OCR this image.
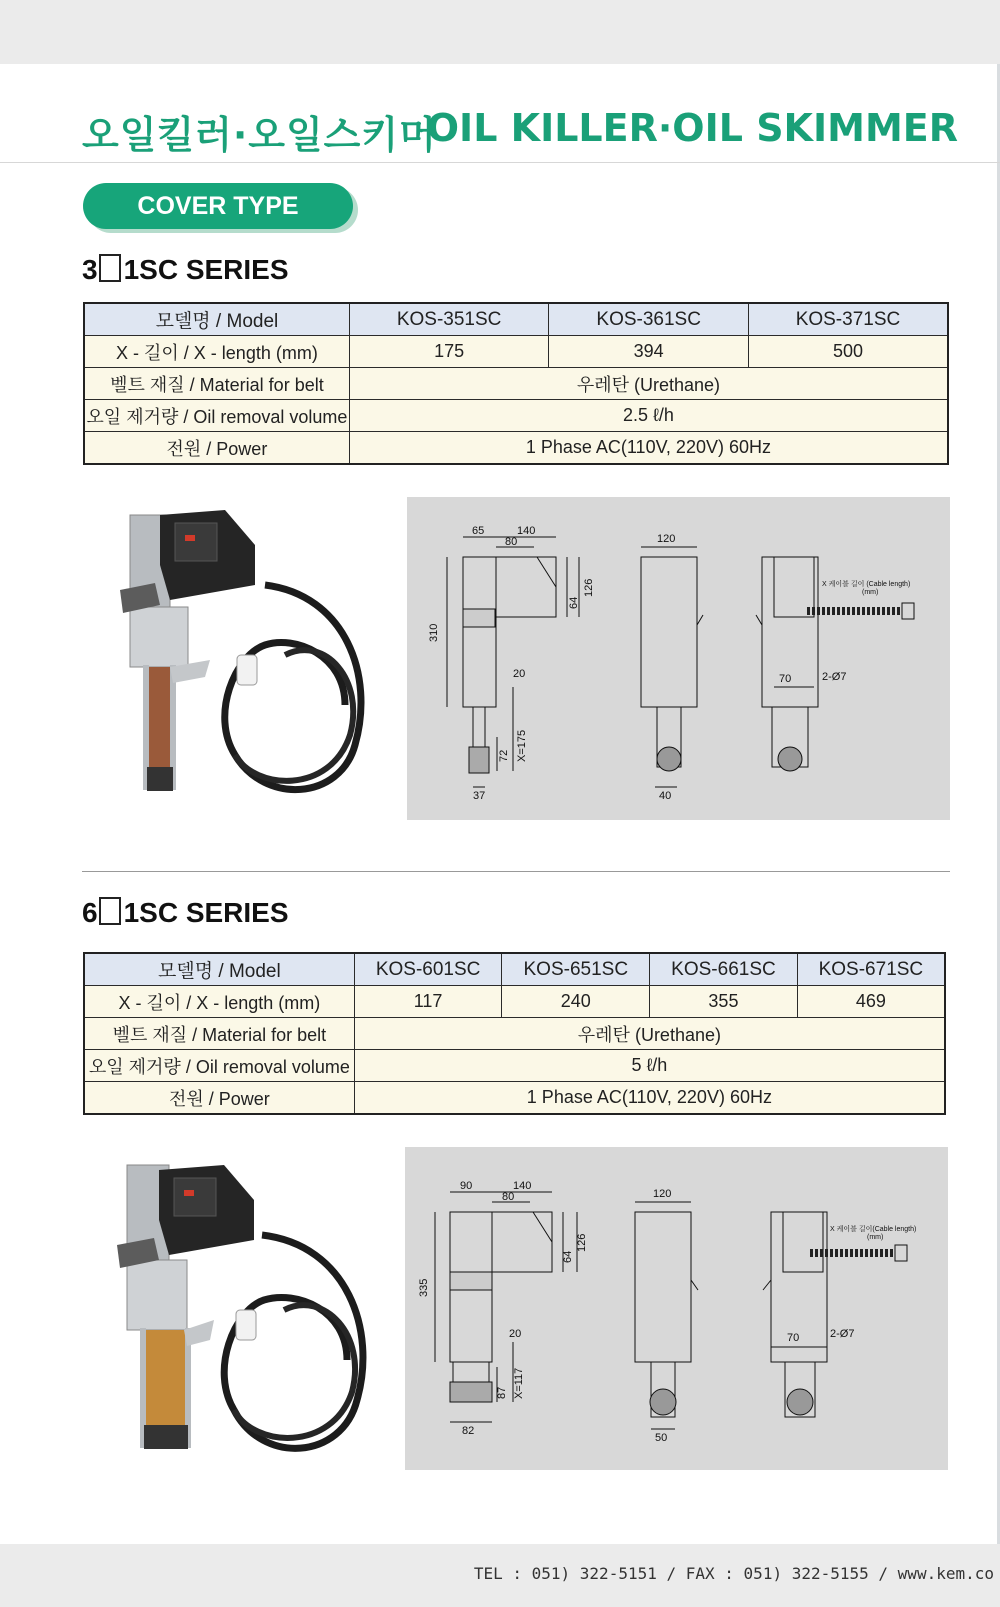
오일킬러·오일스키머
OIL KILLER·OIL SKIMMER
COVER TYPE
3 1SC SERIES
모델명 / Model	KOS-351SC	KOS-361SC	KOS-371SC
X - 길이 / X - length (mm)	175	394	500
벨트 재질 / Material for belt	우레탄 (Urethane)		
오일 제거량 / Oil removal volume	2.5 ℓ/h		
전원 / Power	1 Phase AC(110V, 220V) 60Hz		
65	140
80
310
126
64
20
72 X=175
37
120
40
70	2-Ø7
X 케이블 길이 (Cable length)
(mm)
6 1SC SERIES
모델명 / Model	KOS-601SC	KOS-651SC	KOS-661SC	KOS-671SC
X - 길이 / X - length (mm)	117	240	355	469
벨트 재질 / Material for belt	우레탄 (Urethane)			
오일 제거량 / Oil removal volume	5 ℓ/h			
전원 / Power	1 Phase AC(110V, 220V) 60Hz			
90	140
80
335
126
64
20
87 X=117
82
120
50
70	2-Ø7
X 케이블 길이(Cable length)
(mm)
TEL : 051) 322-5151 / FAX : 051) 322-5155 / www.kem.co
